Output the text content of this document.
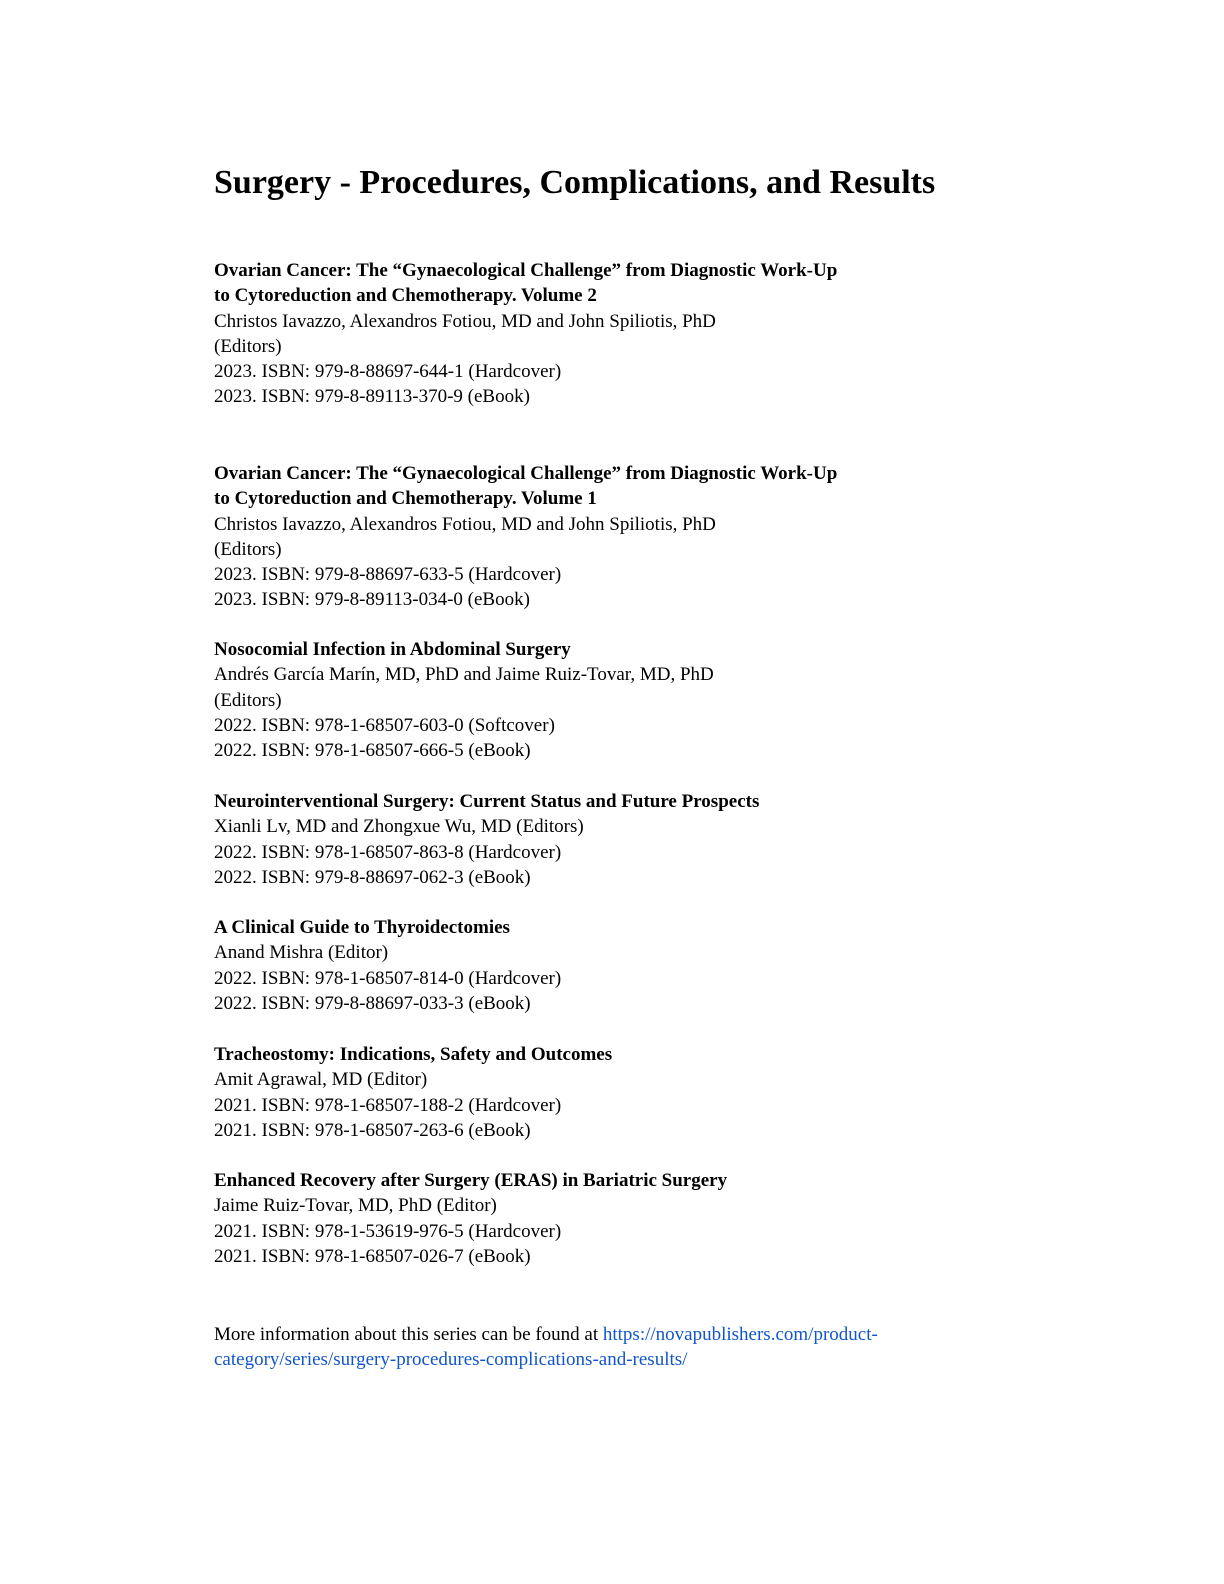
Surgery - Procedures, Complications, and Results
Ovarian Cancer: The “Gynaecological Challenge” from Diagnostic Work-Up
to Cytoreduction and Chemotherapy. Volume 2
Christos Iavazzo, Alexandros Fotiou, MD and John Spiliotis, PhD
(Editors)
2023. ISBN: 979-8-88697-644-1 (Hardcover)
2023. ISBN: 979-8-89113-370-9 (eBook)
Ovarian Cancer: The “Gynaecological Challenge” from Diagnostic Work-Up
to Cytoreduction and Chemotherapy. Volume 1
Christos Iavazzo, Alexandros Fotiou, MD and John Spiliotis, PhD
(Editors)
2023. ISBN: 979-8-88697-633-5 (Hardcover)
2023. ISBN: 979-8-89113-034-0 (eBook)
Nosocomial Infection in Abdominal Surgery
Andrés García Marín, MD, PhD and Jaime Ruiz-Tovar, MD, PhD
(Editors)
2022. ISBN: 978-1-68507-603-0 (Softcover)
2022. ISBN: 978-1-68507-666-5 (eBook)
Neurointerventional Surgery: Current Status and Future Prospects
Xianli Lv, MD and Zhongxue Wu, MD (Editors)
2022. ISBN: 978-1-68507-863-8 (Hardcover)
2022. ISBN: 979-8-88697-062-3 (eBook)
A Clinical Guide to Thyroidectomies
Anand Mishra (Editor)
2022. ISBN: 978-1-68507-814-0 (Hardcover)
2022. ISBN: 979-8-88697-033-3 (eBook)
Tracheostomy: Indications, Safety and Outcomes
Amit Agrawal, MD (Editor)
2021. ISBN: 978-1-68507-188-2 (Hardcover)
2021. ISBN: 978-1-68507-263-6 (eBook)
Enhanced Recovery after Surgery (ERAS) in Bariatric Surgery
Jaime Ruiz-Tovar, MD, PhD (Editor)
2021. ISBN: 978-1-53619-976-5 (Hardcover)
2021. ISBN: 978-1-68507-026-7 (eBook)
More information about this series can be found at https://novapublishers.com/product-
category/series/surgery-procedures-complications-and-results/
